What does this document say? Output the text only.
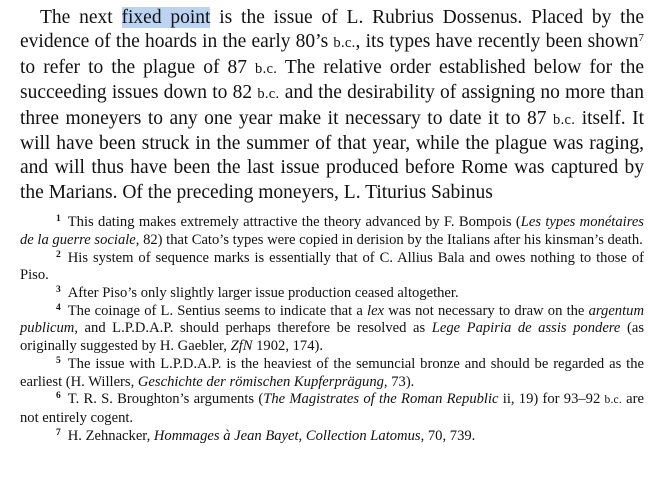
The next fixed point is the issue of L. Rubrius Dossenus. Placed by the evidence of the hoards in the early 80’s b.c., its types have recently been shown$^7$ to refer to the plague of 87 b.c. The relative order established below for the succeeding issues down to 82 b.c. and the desirability of assigning no more than three moneyers to any one year make it necessary to date it to 87 b.c. itself. It will have been struck in the summer of that year, while the plague was raging, and will thus have been the last issue produced before Rome was captured by the Marians. Of the preceding moneyers, L. Titurius Sabinus

1 This dating makes extremely attractive the theory advanced by F. Bompois (Les types monétaires de la guerre sociale, 82) that Cato’s types were copied in derision by the Italians after his kinsman’s death.
2 His system of sequence marks is essentially that of C. Allius Bala and owes nothing to those of Piso.
3 After Piso’s only slightly larger issue production ceased altogether.
4 The coinage of L. Sentius seems to indicate that a lex was not necessary to draw on the argentum publicum, and L.P.D.A.P. should perhaps therefore be resolved as Lege Papiria de assis pondere (as originally suggested by H. Gaebler, ZfN 1902, 174).
5 The issue with L.P.D.A.P. is the heaviest of the semuncial bronze and should be regarded as the earliest (H. Willers, Geschichte der römischen Kupferprägung, 73).
6 T. R. S. Broughton’s arguments (The Magistrates of the Roman Republic ii, 19) for 93–92 b.c. are not entirely cogent.
7 H. Zehnacker, Hommages à Jean Bayet, Collection Latomus, 70, 739.
